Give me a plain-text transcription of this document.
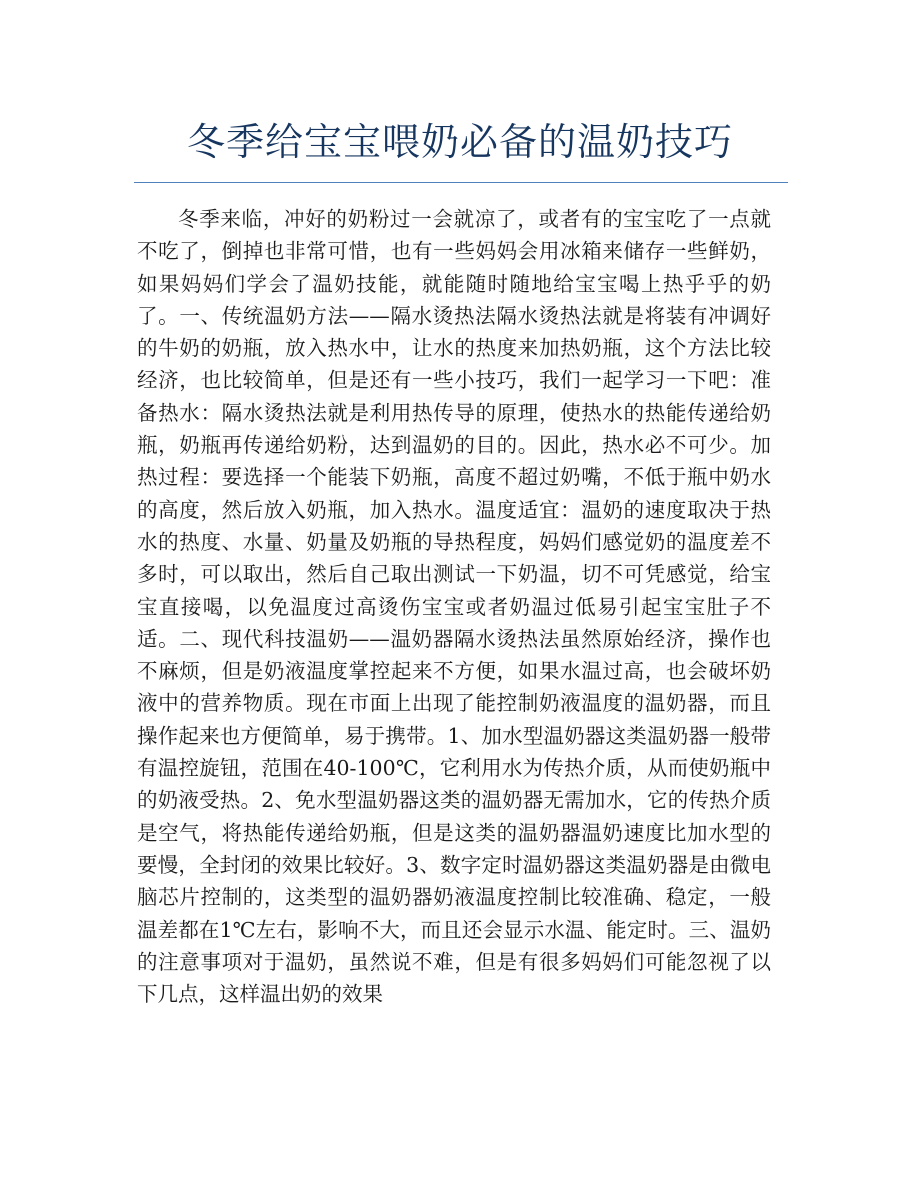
冬季给宝宝喂奶必备的温奶技巧

冬季来临，冲好的奶粉过一会就凉了，或者有的宝宝吃了一点就不吃了，倒掉也非常可惜，也有一些妈妈会用冰箱来储存一些鲜奶，如果妈妈们学会了温奶技能，就能随时随地给宝宝喝上热乎乎的奶了。一、传统温奶方法——隔水烫热法隔水烫热法就是将装有冲调好的牛奶的奶瓶，放入热水中，让水的热度来加热奶瓶，这个方法比较经济，也比较简单，但是还有一些小技巧，我们一起学习一下吧：准备热水：隔水烫热法就是利用热传导的原理，使热水的热能传递给奶瓶，奶瓶再传递给奶粉，达到温奶的目的。因此，热水必不可少。加热过程：要选择一个能装下奶瓶，高度不超过奶嘴，不低于瓶中奶水的高度，然后放入奶瓶，加入热水。温度适宜：温奶的速度取决于热水的热度、水量、奶量及奶瓶的导热程度，妈妈们感觉奶的温度差不多时，可以取出，然后自己取出测试一下奶温，切不可凭感觉，给宝宝直接喝，以免温度过高烫伤宝宝或者奶温过低易引起宝宝肚子不适。二、现代科技温奶——温奶器隔水烫热法虽然原始经济，操作也不麻烦，但是奶液温度掌控起来不方便，如果水温过高，也会破坏奶液中的营养物质。现在市面上出现了能控制奶液温度的温奶器，而且操作起来也方便简单，易于携带。1、加水型温奶器这类温奶器一般带有温控旋钮，范围在40-100℃，它利用水为传热介质，从而使奶瓶中的奶液受热。2、免水型温奶器这类的温奶器无需加水，它的传热介质是空气，将热能传递给奶瓶，但是这类的温奶器温奶速度比加水型的要慢，全封闭的效果比较好。3、数字定时温奶器这类温奶器是由微电脑芯片控制的，这类型的温奶器奶液温度控制比较准确、稳定，一般温差都在1℃左右，影响不大，而且还会显示水温、能定时。三、温奶的注意事项对于温奶，虽然说不难，但是有很多妈妈们可能忽视了以下几点，这样温出奶的效果
